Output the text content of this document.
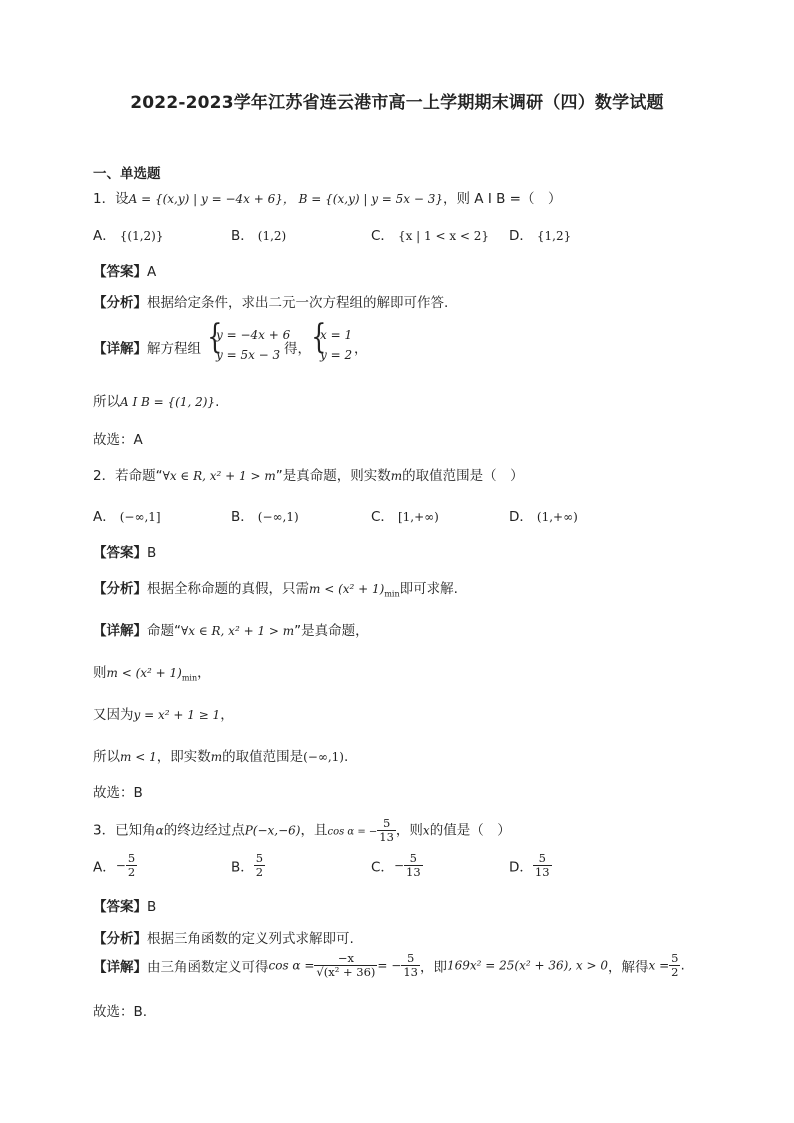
2022-2023学年江苏省连云港市高一上学期期末调研（四）数学试题
一、单选题
1．设A = {(x,y) | y = −4x + 6}， B = {(x,y) | y = 5x − 3}，则 A I B =（　）
A． {(1,2)}	B． (1,2)	C． {x | 1 < x < 2} D． {1,2}
【答案】A
【分析】根据给定条件，求出二元一次方程组的解即可作答.
【详解】解方程组 {
y = −4x + 6
y = 5x − 3 得， {
x = 1
y = 2 ，
所以A I B = {(1, 2)}.
故选：A
2．若命题“∀x ∈ R, x² + 1 > m”是真命题，则实数m的取值范围是（　）
A． (−∞,1]	B． (−∞,1)	C． [1,+∞)	D． (1,+∞)
【答案】B
【分析】根据全称命题的真假，只需$m < (x^2 + 1)_{min}$即可求解.
【详解】命题“∀x ∈ R, x² + 1 > m”是真命题，
则$m < (x^2 + 1)_{min}$，
又因为y = x² + 1 ≥ 1，
所以m < 1，即实数m的取值范围是(−∞,1).
故选：B
3．已知角α的终边经过点P(−x,−6)，且cos α = − $\frac{5}{13}$ ，则x的值是（　）
A．− $\frac{5}{2}$	B． $\frac{5}{2}$	C．− $\frac{5}{13}$	D． $\frac{5}{13}$
【答案】B
【分析】根据三角函数的定义列式求解即可.
【详解】由三角函数定义可得$\cos \alpha = \frac{-x}{\text{√(x² + 36)}}$ = − $\frac{5}{13}$ ，即169x² = 25(x² + 36), x > 0，解得$x = \frac{5}{2}$ .
故选：B.
